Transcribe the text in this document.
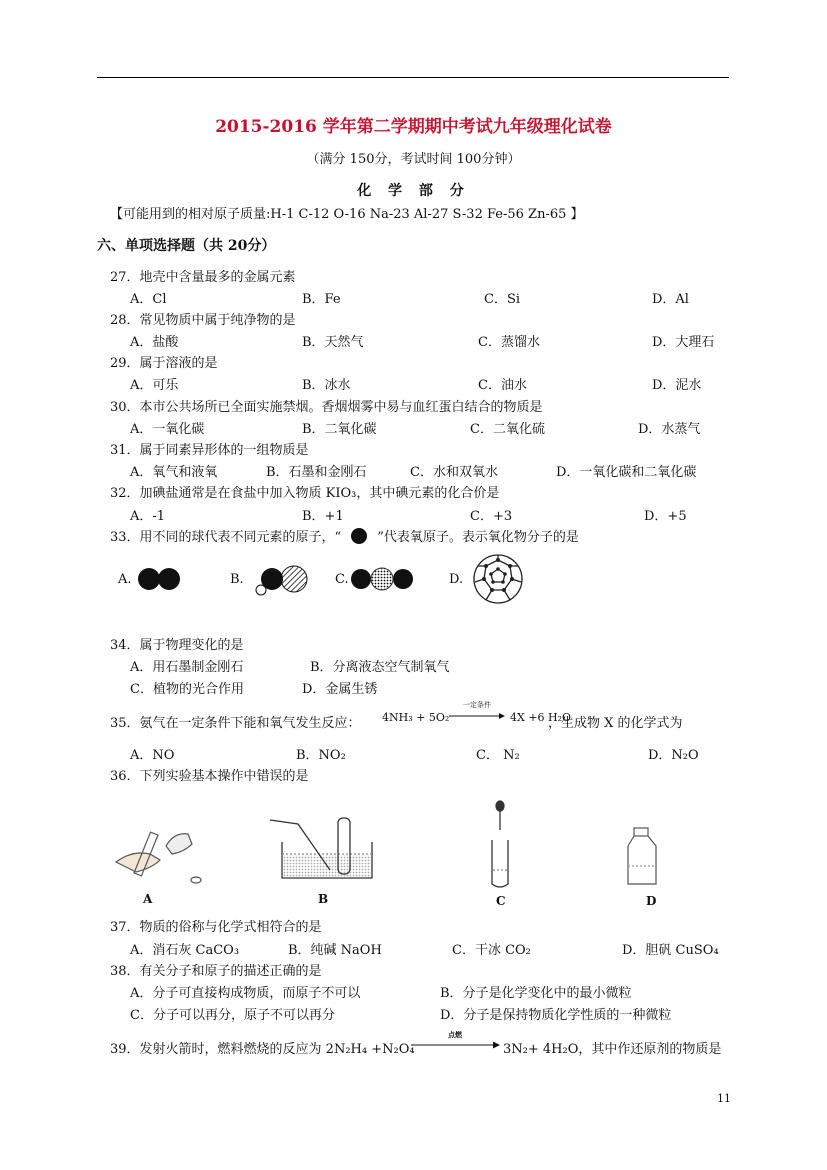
2015-2016 学年第二学期期中考试九年级理化试卷
（满分 150分，考试时间 100分钟）
化 学 部 分
【可能用到的相对原子质量:H-1 C-12 O-16 Na-23 Al-27 S-32 Fe-56 Zn-65 】
六、单项选择题（共 20分）
27．地壳中含量最多的金属元素
A．Cl	B．Fe	C．Si	D．Al
28．常见物质中属于纯净物的是
A．盐酸	B．天然气	C．蒸馏水	D．大理石
29．属于溶液的是
A．可乐	B．冰水	C．油水	D．泥水
30．本市公共场所已全面实施禁烟。香烟烟雾中易与血红蛋白结合的物质是
A．一氧化碳	B．二氧化碳	C．二氧化硫	D．水蒸气
31．属于同素异形体的一组物质是
A．氧气和液氧	B．石墨和金刚石	C．水和双氧水	D．一氧化碳和二氧化碳
32．加碘盐通常是在食盐中加入物质 KIO₃，其中碘元素的化合价是
A．-1	B．+1	C．+3	D．+5
33．用不同的球代表不同元素的原子，“	”代表氧原子。表示氧化物分子的是
A.	B.	C.	D.
34．属于物理变化的是
A．用石墨制金刚石	B．分离液态空气制氧气
C．植物的光合作用	D．金属生锈
35．氨气在一定条件下能和氧气发生反应： 4NH₃ + 5O₂
一定条件
4X +6 H₂O
，生成物 X 的化学式为
A．NO	B．NO₂	C． N₂	D．N₂O
36．下列实验基本操作中错误的是
A	B	C	D
37．物质的俗称与化学式相符合的是
A．消石灰 CaCO₃	B．纯碱 NaOH	C．干冰 CO₂	D．胆矾 CuSO₄
38．有关分子和原子的描述正确的是
A．分子可直接构成物质，而原子不可以	B．分子是化学变化中的最小微粒
C．分子可以再分，原子不可以再分	D．分子是保持物质化学性质的一种微粒
39．发射火箭时，燃料燃烧的反应为 2N₂H₄ +N₂O₄
点燃
3N₂+ 4H₂O，其中作还原剂的物质是
11
